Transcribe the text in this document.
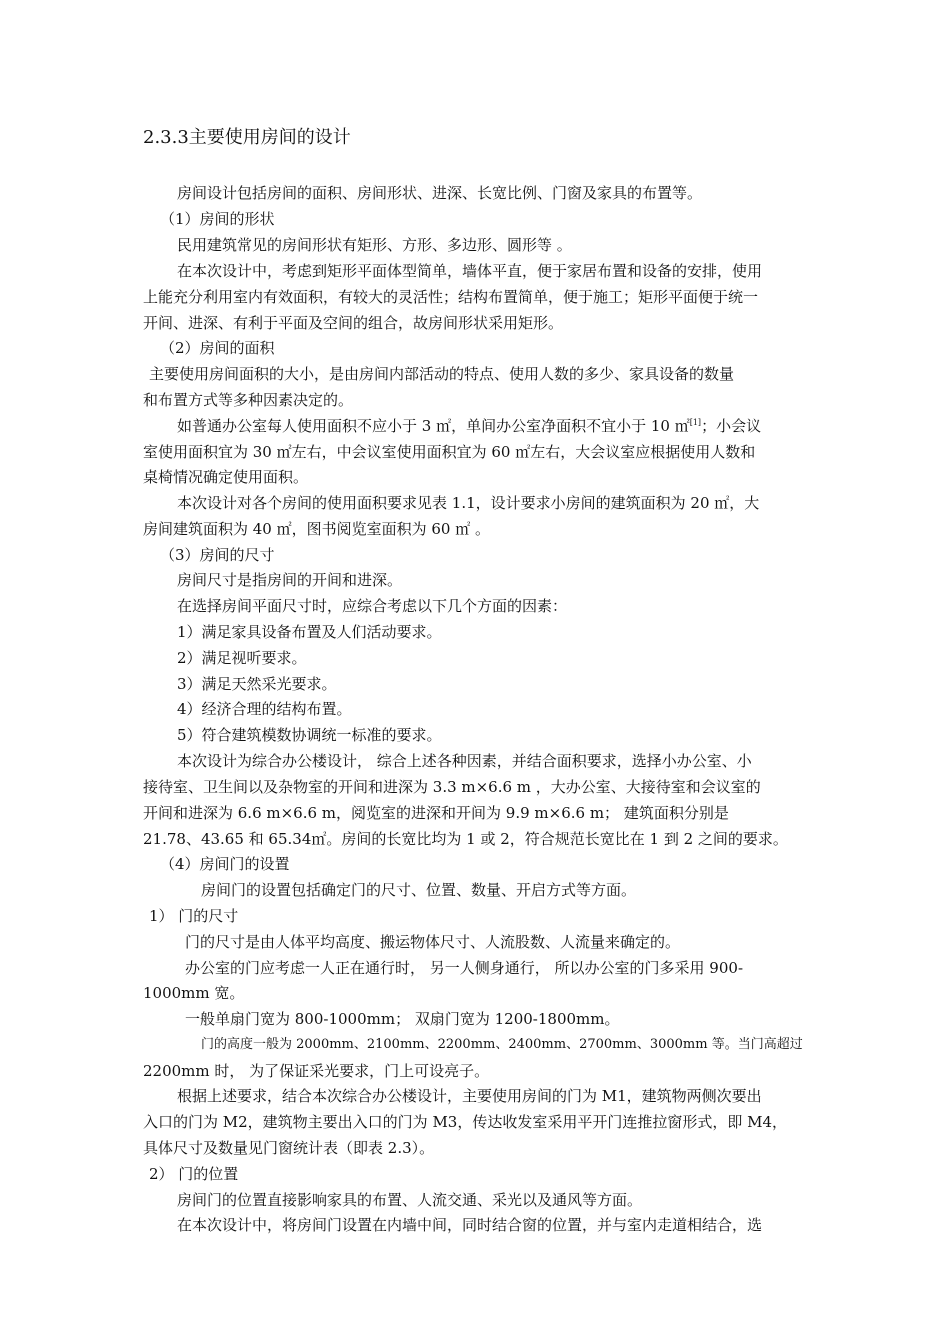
2.3.3主要使用房间的设计
房间设计包括房间的面积、房间形状、进深、长宽比例、门窗及家具的布置等。
（1）房间的形状
民用建筑常见的房间形状有矩形、方形、多边形、圆形等 。
在本次设计中，考虑到矩形平面体型简单，墙体平直，便于家居布置和设备的安排，使用
上能充分利用室内有效面积，有较大的灵活性；结构布置简单，便于施工；矩形平面便于统一
开间、进深、有利于平面及空间的组合，故房间形状采用矩形。
（2）房间的面积
主要使用房间面积的大小，是由房间内部活动的特点、使用人数的多少、家具设备的数量
和布置方式等多种因素决定的。
如普通办公室每人使用面积不应小于 3 ㎡，单间办公室净面积不宜小于 10 ㎡[1]；小会议
室使用面积宜为 30 ㎡左右，中会议室使用面积宜为 60 ㎡左右，大会议室应根据使用人数和
桌椅情况确定使用面积。
本次设计对各个房间的使用面积要求见表 1.1，设计要求小房间的建筑面积为 20 ㎡，大
房间建筑面积为 40 ㎡，图书阅览室面积为 60 ㎡ 。
（3）房间的尺寸
房间尺寸是指房间的开间和进深。
在选择房间平面尺寸时，应综合考虑以下几个方面的因素：
1）满足家具设备布置及人们活动要求。
2）满足视听要求。
3）满足天然采光要求。
4）经济合理的结构布置。
5）符合建筑模数协调统一标准的要求。
本次设计为综合办公楼设计， 综合上述各种因素，并结合面积要求，选择小办公室、小
接待室、卫生间以及杂物室的开间和进深为 3.3 m×6.6 m ，大办公室、大接待室和会议室的
开间和进深为 6.6 m×6.6 m，阅览室的进深和开间为 9.9 m×6.6 m； 建筑面积分别是
21.78、43.65 和 65.34㎡。房间的长宽比均为 1 或 2，符合规范长宽比在 1 到 2 之间的要求。
（4）房间门的设置
房间门的设置包括确定门的尺寸、位置、数量、开启方式等方面。
1） 门的尺寸
门的尺寸是由人体平均高度、搬运物体尺寸、人流股数、人流量来确定的。
办公室的门应考虑一人正在通行时， 另一人侧身通行， 所以办公室的门多采用 900-
1000mm 宽。
一般单扇门宽为 800-1000mm； 双扇门宽为 1200-1800mm。
门的高度一般为 2000mm、2100mm、2200mm、2400mm、2700mm、3000mm 等。当门高超过
2200mm 时， 为了保证采光要求，门上可设亮子。
根据上述要求，结合本次综合办公楼设计，主要使用房间的门为 M1，建筑物两侧次要出
入口的门为 M2，建筑物主要出入口的门为 M3，传达收发室采用平开门连推拉窗形式，即 M4，
具体尺寸及数量见门窗统计表（即表 2.3）。
2） 门的位置
房间门的位置直接影响家具的布置、人流交通、采光以及通风等方面。
在本次设计中，将房间门设置在内墙中间，同时结合窗的位置，并与室内走道相结合，选
